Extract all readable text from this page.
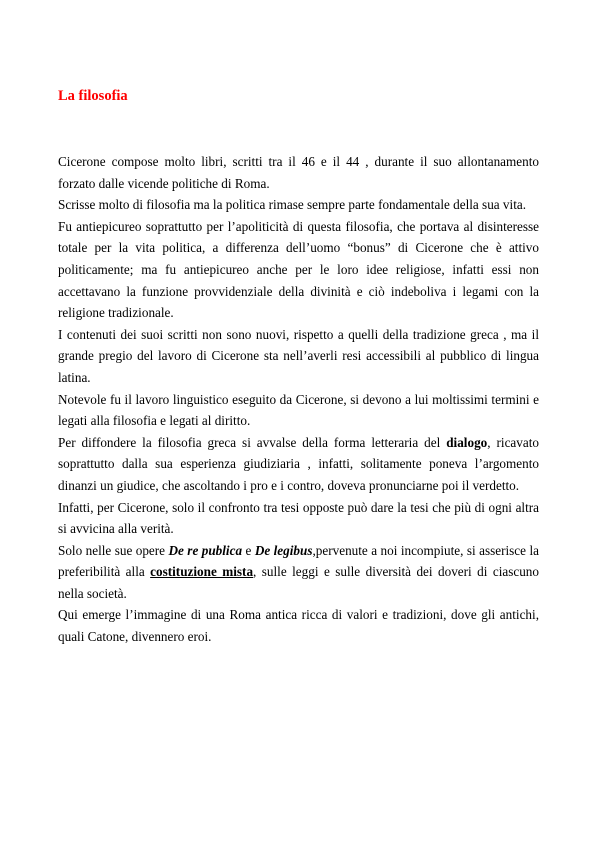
La filosofia

Cicerone compose molto libri, scritti tra il 46 e il 44 , durante il suo allontanamento forzato dalle vicende politiche di Roma.

Scrisse molto di filosofia ma la politica rimase sempre parte fondamentale della sua vita.

Fu antiepicureo soprattutto per l’apoliticità di questa filosofia, che portava al disinteresse totale per la vita politica, a differenza dell’uomo “bonus” di Cicerone che è attivo politicamente; ma fu antiepicureo anche per le loro idee religiose, infatti essi non accettavano la funzione provvidenziale della divinità e ciò indeboliva i legami con la religione tradizionale.

I contenuti dei suoi scritti non sono nuovi, rispetto a quelli della tradizione greca , ma il grande pregio del lavoro di Cicerone sta nell’averli resi accessibili al pubblico di lingua latina.

Notevole fu il lavoro linguistico eseguito da Cicerone, si devono a lui moltissimi termini e legati alla filosofia e legati al diritto.

Per diffondere la filosofia greca si avvalse della forma letteraria del dialogo, ricavato soprattutto dalla sua esperienza giudiziaria , infatti, solitamente poneva l’argomento dinanzi un giudice, che ascoltando i pro e i contro, doveva pronunciarne poi il verdetto.

Infatti, per Cicerone, solo il confronto tra tesi opposte può dare la tesi che più di ogni altra si avvicina alla verità.

Solo nelle sue opere De re publica e De legibus,pervenute a noi incompiute, si asserisce la preferibilità alla costituzione mista, sulle leggi e sulle diversità dei doveri di ciascuno nella società.

Qui emerge l’immagine di una Roma antica ricca di valori e tradizioni, dove gli antichi, quali Catone, divennero eroi.
